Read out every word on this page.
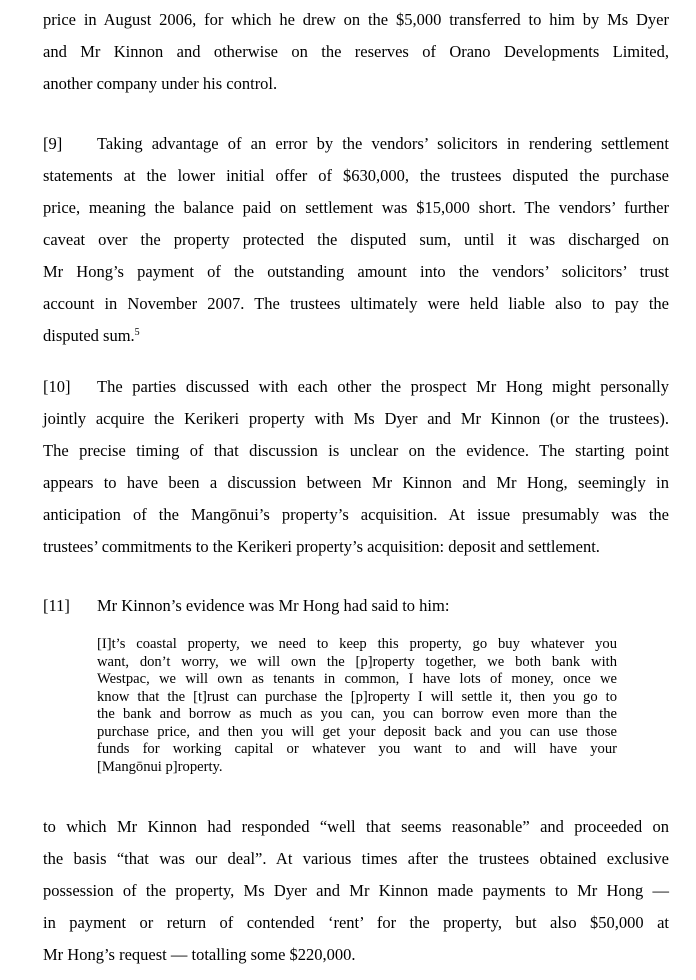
price in August 2006, for which he drew on the $5,000 transferred to him by Ms Dyer
and Mr Kinnon and otherwise on the reserves of Orano Developments Limited,
another company under his control.
[9] Taking advantage of an error by the vendors’ solicitors in rendering settlement
statements at the lower initial offer of $630,000, the trustees disputed the purchase
price, meaning the balance paid on settlement was $15,000 short. The vendors’ further
caveat over the property protected the disputed sum, until it was discharged on
Mr Hong’s payment of the outstanding amount into the vendors’ solicitors’ trust
account in November 2007. The trustees ultimately were held liable also to pay the
disputed sum.$^5$
[10] The parties discussed with each other the prospect Mr Hong might personally
jointly acquire the Kerikeri property with Ms Dyer and Mr Kinnon (or the trustees).
The precise timing of that discussion is unclear on the evidence. The starting point
appears to have been a discussion between Mr Kinnon and Mr Hong, seemingly in
anticipation of the Mangōnui’s property’s acquisition. At issue presumably was the
trustees’ commitments to the Kerikeri property’s acquisition: deposit and settlement.
[11] Mr Kinnon’s evidence was Mr Hong had said to him:
[I]t’s coastal property, we need to keep this property, go buy whatever you
want, don’t worry, we will own the [p]roperty together, we both bank with
Westpac, we will own as tenants in common, I have lots of money, once we
know that the [t]rust can purchase the [p]roperty I will settle it, then you go to
the bank and borrow as much as you can, you can borrow even more than the
purchase price, and then you will get your deposit back and you can use those
funds for working capital or whatever you want to and will have your
[Mangōnui p]roperty.
to which Mr Kinnon had responded “well that seems reasonable” and proceeded on
the basis “that was our deal”. At various times after the trustees obtained exclusive
possession of the property, Ms Dyer and Mr Kinnon made payments to Mr Hong —
in payment or return of contended ‘rent’ for the property, but also $50,000 at
Mr Hong’s request — totalling some $220,000.
